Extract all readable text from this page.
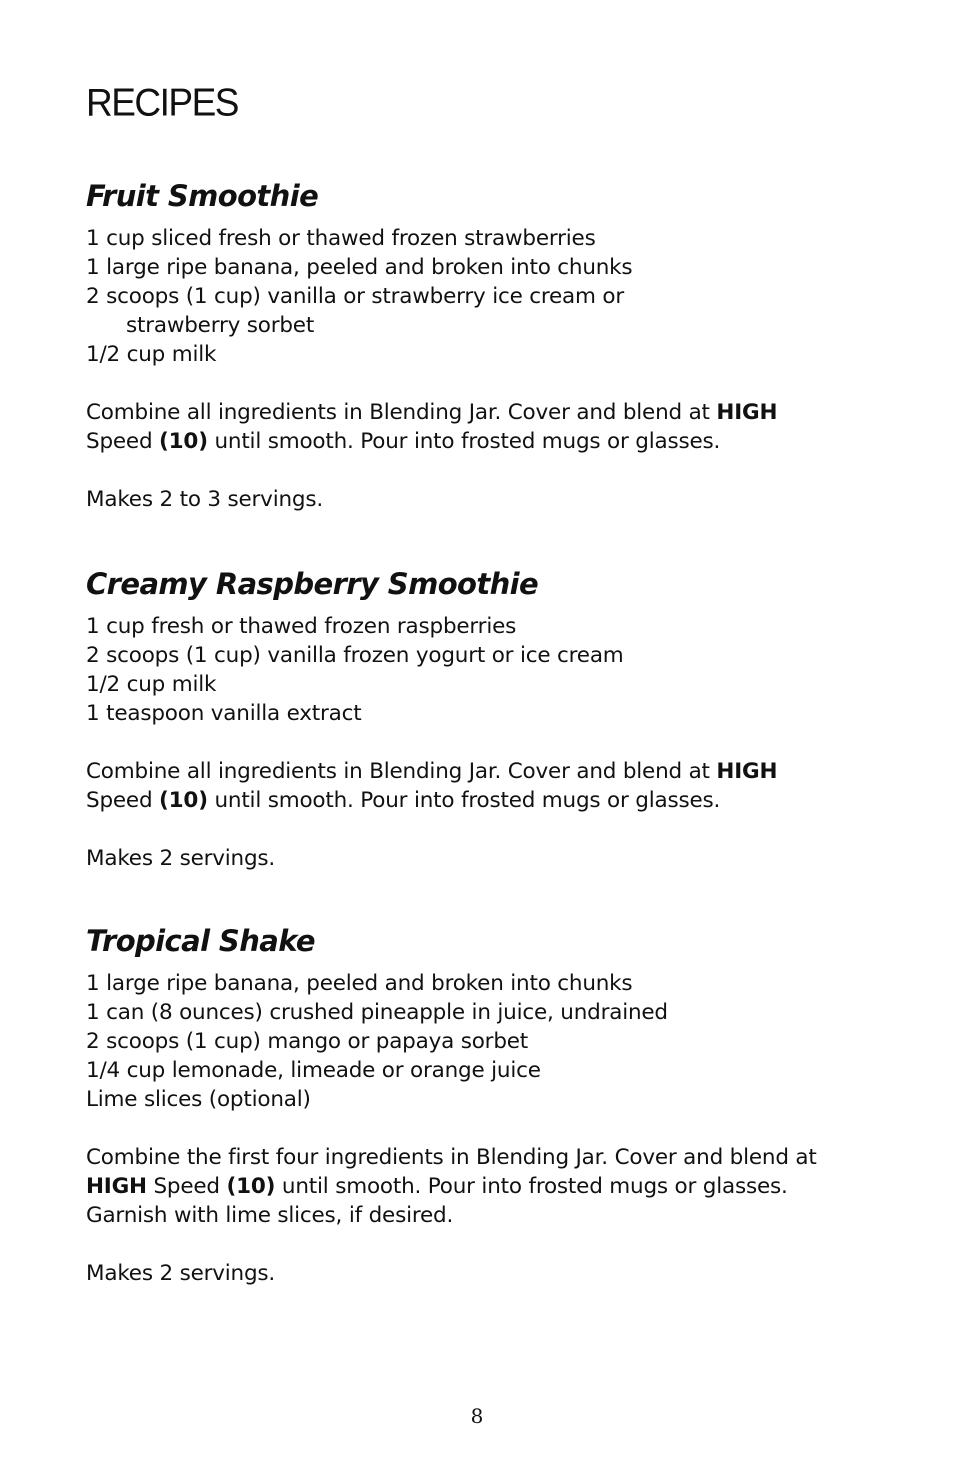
RECIPES
Fruit Smoothie
1 cup sliced fresh or thawed frozen strawberries
1 large ripe banana, peeled and broken into chunks
2 scoops (1 cup) vanilla or strawberry ice cream or
strawberry sorbet
1/2 cup milk

Combine all ingredients in Blending Jar. Cover and blend at HIGH
Speed (10) until smooth. Pour into frosted mugs or glasses.

Makes 2 to 3 servings.

Creamy Raspberry Smoothie
1 cup fresh or thawed frozen raspberries
2 scoops (1 cup) vanilla frozen yogurt or ice cream
1/2 cup milk
1 teaspoon vanilla extract

Combine all ingredients in Blending Jar. Cover and blend at HIGH
Speed (10) until smooth. Pour into frosted mugs or glasses.

Makes 2 servings.

Tropical Shake
1 large ripe banana, peeled and broken into chunks
1 can (8 ounces) crushed pineapple in juice, undrained
2 scoops (1 cup) mango or papaya sorbet
1/4 cup lemonade, limeade or orange juice
Lime slices (optional)

Combine the first four ingredients in Blending Jar. Cover and blend at HIGH Speed (10) until smooth. Pour into frosted mugs or glasses. Garnish with lime slices, if desired.

Makes 2 servings.

8
